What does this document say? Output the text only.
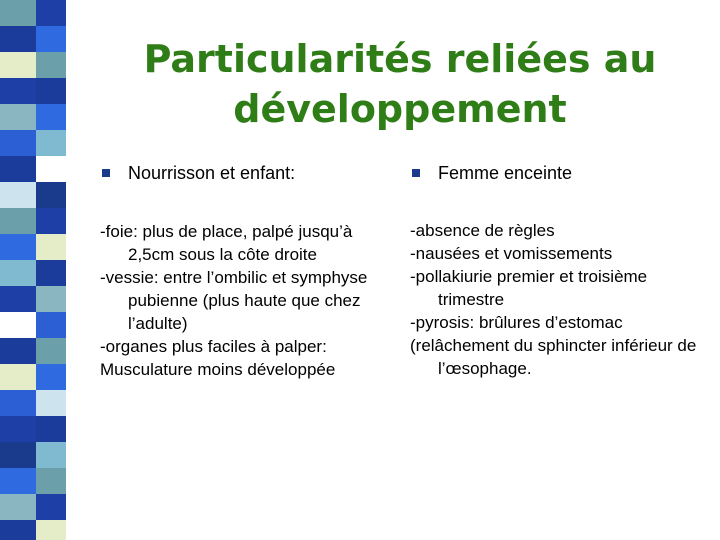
Particularités reliées au développement
Nourrisson et enfant:

-foie: plus de place, palpé jusqu’à 2,5cm sous la côte droite

-vessie: entre l’ombilic et symphyse pubienne (plus haute que chez l’adulte)

-organes plus faciles à palper:

Musculature moins développée

Femme enceinte

-absence de règles

-nausées et vomissements

-pollakiurie premier et troisième trimestre

-pyrosis: brûlures d’estomac

(relâchement du sphincter inférieur de l’œsophage.
